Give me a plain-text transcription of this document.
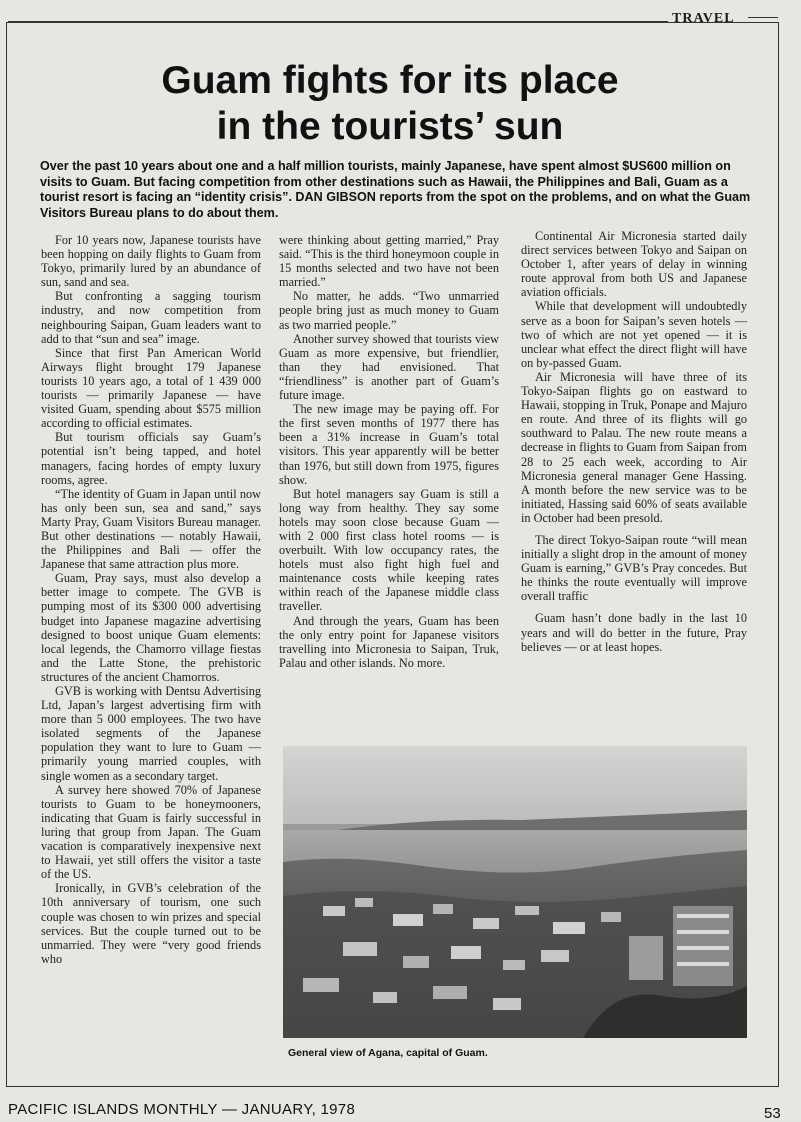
TRAVEL
Guam fights for its place
in the tourists’ sun
Over the past 10 years about one and a half million tourists, mainly Japanese, have spent almost $US600 million on visits to Guam. But facing competition from other destinations such as Hawaii, the Philippines and Bali, Guam as a tourist resort is facing an “identity crisis”. DAN GIBSON reports from the spot on the problems, and on what the Guam Visitors Bureau plans to do about them.

For 10 years now, Japanese tourists have been hopping on daily flights to Guam from Tokyo, primarily lured by an abundance of sun, sand and sea.

But confronting a sagging tourism industry, and now competition from neighbouring Saipan, Guam leaders want to add to that “sun and sea” image.

Since that first Pan American World Airways flight brought 179 Japanese tourists 10 years ago, a total of 1 439 000 tourists — primarily Japanese — have visited Guam, spending about $575 million according to official estimates.

But tourism officials say Guam’s potential isn’t being tapped, and hotel managers, facing hordes of empty luxury rooms, agree.

“The identity of Guam in Japan until now has only been sun, sea and sand,” says Marty Pray, Guam Visitors Bureau manager. But other destinations — notably Hawaii, the Philippines and Bali — offer the Japanese that same attraction plus more.

Guam, Pray says, must also develop a better image to compete. The GVB is pumping most of its $300 000 advertising budget into Japanese magazine advertising designed to boost unique Guam elements: local legends, the Chamorro village fiestas and the Latte Stone, the prehistoric structures of the ancient Chamorros.

GVB is working with Dentsu Advertising Ltd, Japan’s largest advertising firm with more than 5 000 employees. The two have isolated segments of the Japanese population they want to lure to Guam — primarily young married couples, with single women as a secondary target.

A survey here showed 70% of Japanese tourists to Guam to be honeymooners, indicating that Guam is fairly successful in luring that group from Japan. The Guam vacation is comparatively inexpensive next to Hawaii, yet still offers the visitor a taste of the US.

Ironically, in GVB’s celebration of the 10th anniversary of tourism, one such couple was chosen to win prizes and special services. But the couple turned out to be unmarried. They were “very good friends who

were thinking about getting married,” Pray said. “This is the third honeymoon couple in 15 months selected and two have not been married.”

No matter, he adds. “Two unmarried people bring just as much money to Guam as two married people.”

Another survey showed that tourists view Guam as more expensive, but friendlier, than they had envisioned. That “friendliness” is another part of Guam’s future image.

The new image may be paying off. For the first seven months of 1977 there has been a 31% increase in Guam’s total visitors. This year apparently will be better than 1976, but still down from 1975, figures show.

But hotel managers say Guam is still a long way from healthy. They say some hotels may soon close because Guam — with 2 000 first class hotel rooms — is overbuilt. With low occupancy rates, the hotels must also fight high fuel and maintenance costs while keeping rates within reach of the Japanese middle class traveller.

And through the years, Guam has been the only entry point for Japanese visitors travelling into Micronesia to Saipan, Truk, Palau and other islands. No more.

Continental Air Micronesia started daily direct services between Tokyo and Saipan on October 1, after years of delay in winning route approval from both US and Japanese aviation officials.

While that development will undoubtedly serve as a boon for Saipan’s seven hotels — two of which are not yet opened — it is unclear what effect the direct flight will have on by-passed Guam.

Air Micronesia will have three of its Tokyo-Saipan flights go on eastward to Hawaii, stopping in Truk, Ponape and Majuro en route. And three of its flights will go southward to Palau. The new route means a decrease in flights to Guam from Saipan from 28 to 25 each week, according to Air Micronesia general manager Gene Hassing. A month before the new service was to be initiated, Hassing said 60% of seats available in October had been presold.

The direct Tokyo-Saipan route “will mean initially a slight drop in the amount of money Guam is earning,” GVB’s Pray concedes. But he thinks the route eventually will improve overall traffic

Guam hasn’t done badly in the last 10 years and will do better in the future, Pray believes — or at least hopes.

General view of Agana, capital of Guam.
PACIFIC ISLANDS MONTHLY — JANUARY, 1978	53
